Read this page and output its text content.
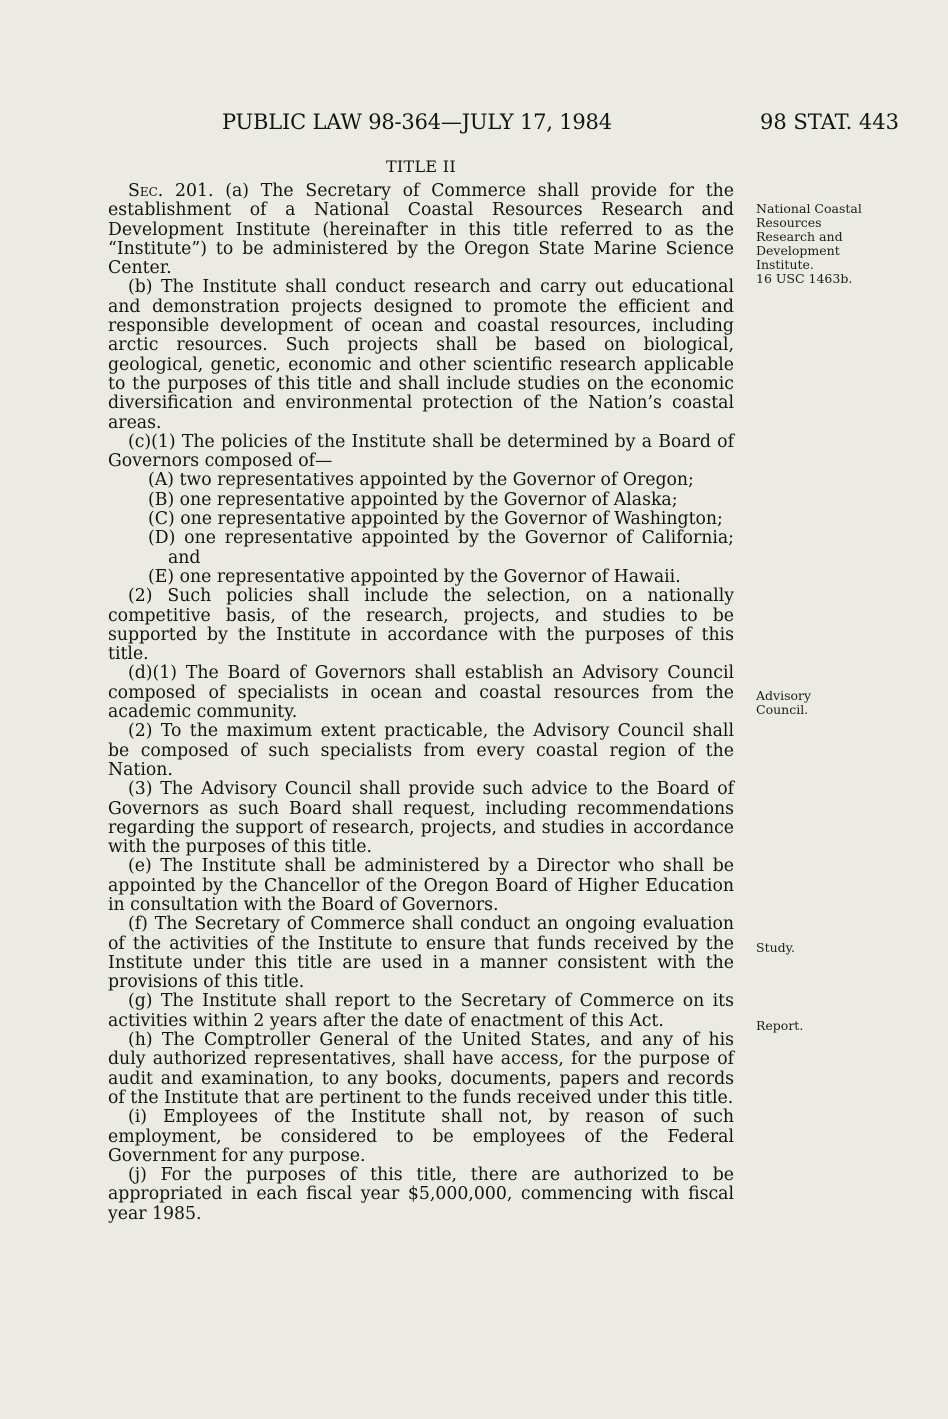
PUBLIC LAW 98-364—JULY 17, 1984	98 STAT. 443
TITLE II

Sec. 201. (a) The Secretary of Commerce shall provide for the establishment of a National Coastal Resources Research and Development Institute (hereinafter in this title referred to as the “Institute”) to be administered by the Oregon State Marine Science Center.

(b) The Institute shall conduct research and carry out educational and demonstration projects designed to promote the efficient and responsible development of ocean and coastal resources, including arctic resources. Such projects shall be based on biological, geological, genetic, economic and other scientific research applicable to the purposes of this title and shall include studies on the economic diversification and environmental protection of the Nation’s coastal areas.

(c)(1) The policies of the Institute shall be determined by a Board of Governors composed of—

(A) two representatives appointed by the Governor of Oregon;

(B) one representative appointed by the Governor of Alaska;

(C) one representative appointed by the Governor of Washington;

(D) one representative appointed by the Governor of California; and

(E) one representative appointed by the Governor of Hawaii.

(2) Such policies shall include the selection, on a nationally competitive basis, of the research, projects, and studies to be supported by the Institute in accordance with the purposes of this title.

(d)(1) The Board of Governors shall establish an Advisory Council composed of specialists in ocean and coastal resources from the academic community.

(2) To the maximum extent practicable, the Advisory Council shall be composed of such specialists from every coastal region of the Nation.

(3) The Advisory Council shall provide such advice to the Board of Governors as such Board shall request, including recommendations regarding the support of research, projects, and studies in accordance with the purposes of this title.

(e) The Institute shall be administered by a Director who shall be appointed by the Chancellor of the Oregon Board of Higher Education in consultation with the Board of Governors.

(f) The Secretary of Commerce shall conduct an ongoing evaluation of the activities of the Institute to ensure that funds received by the Institute under this title are used in a manner consistent with the provisions of this title.

(g) The Institute shall report to the Secretary of Commerce on its activities within 2 years after the date of enactment of this Act.

(h) The Comptroller General of the United States, and any of his duly authorized representatives, shall have access, for the purpose of audit and examination, to any books, documents, papers and records of the Institute that are pertinent to the funds received under this title.

(i) Employees of the Institute shall not, by reason of such employment, be considered to be employees of the Federal Government for any purpose.

(j) For the purposes of this title, there are authorized to be appropriated in each fiscal year $5,000,000, commencing with fiscal year 1985.

National Coastal
Resources
Research and
Development
Institute.
16 USC 1463b.
Advisory
Council.
Study.
Report.
